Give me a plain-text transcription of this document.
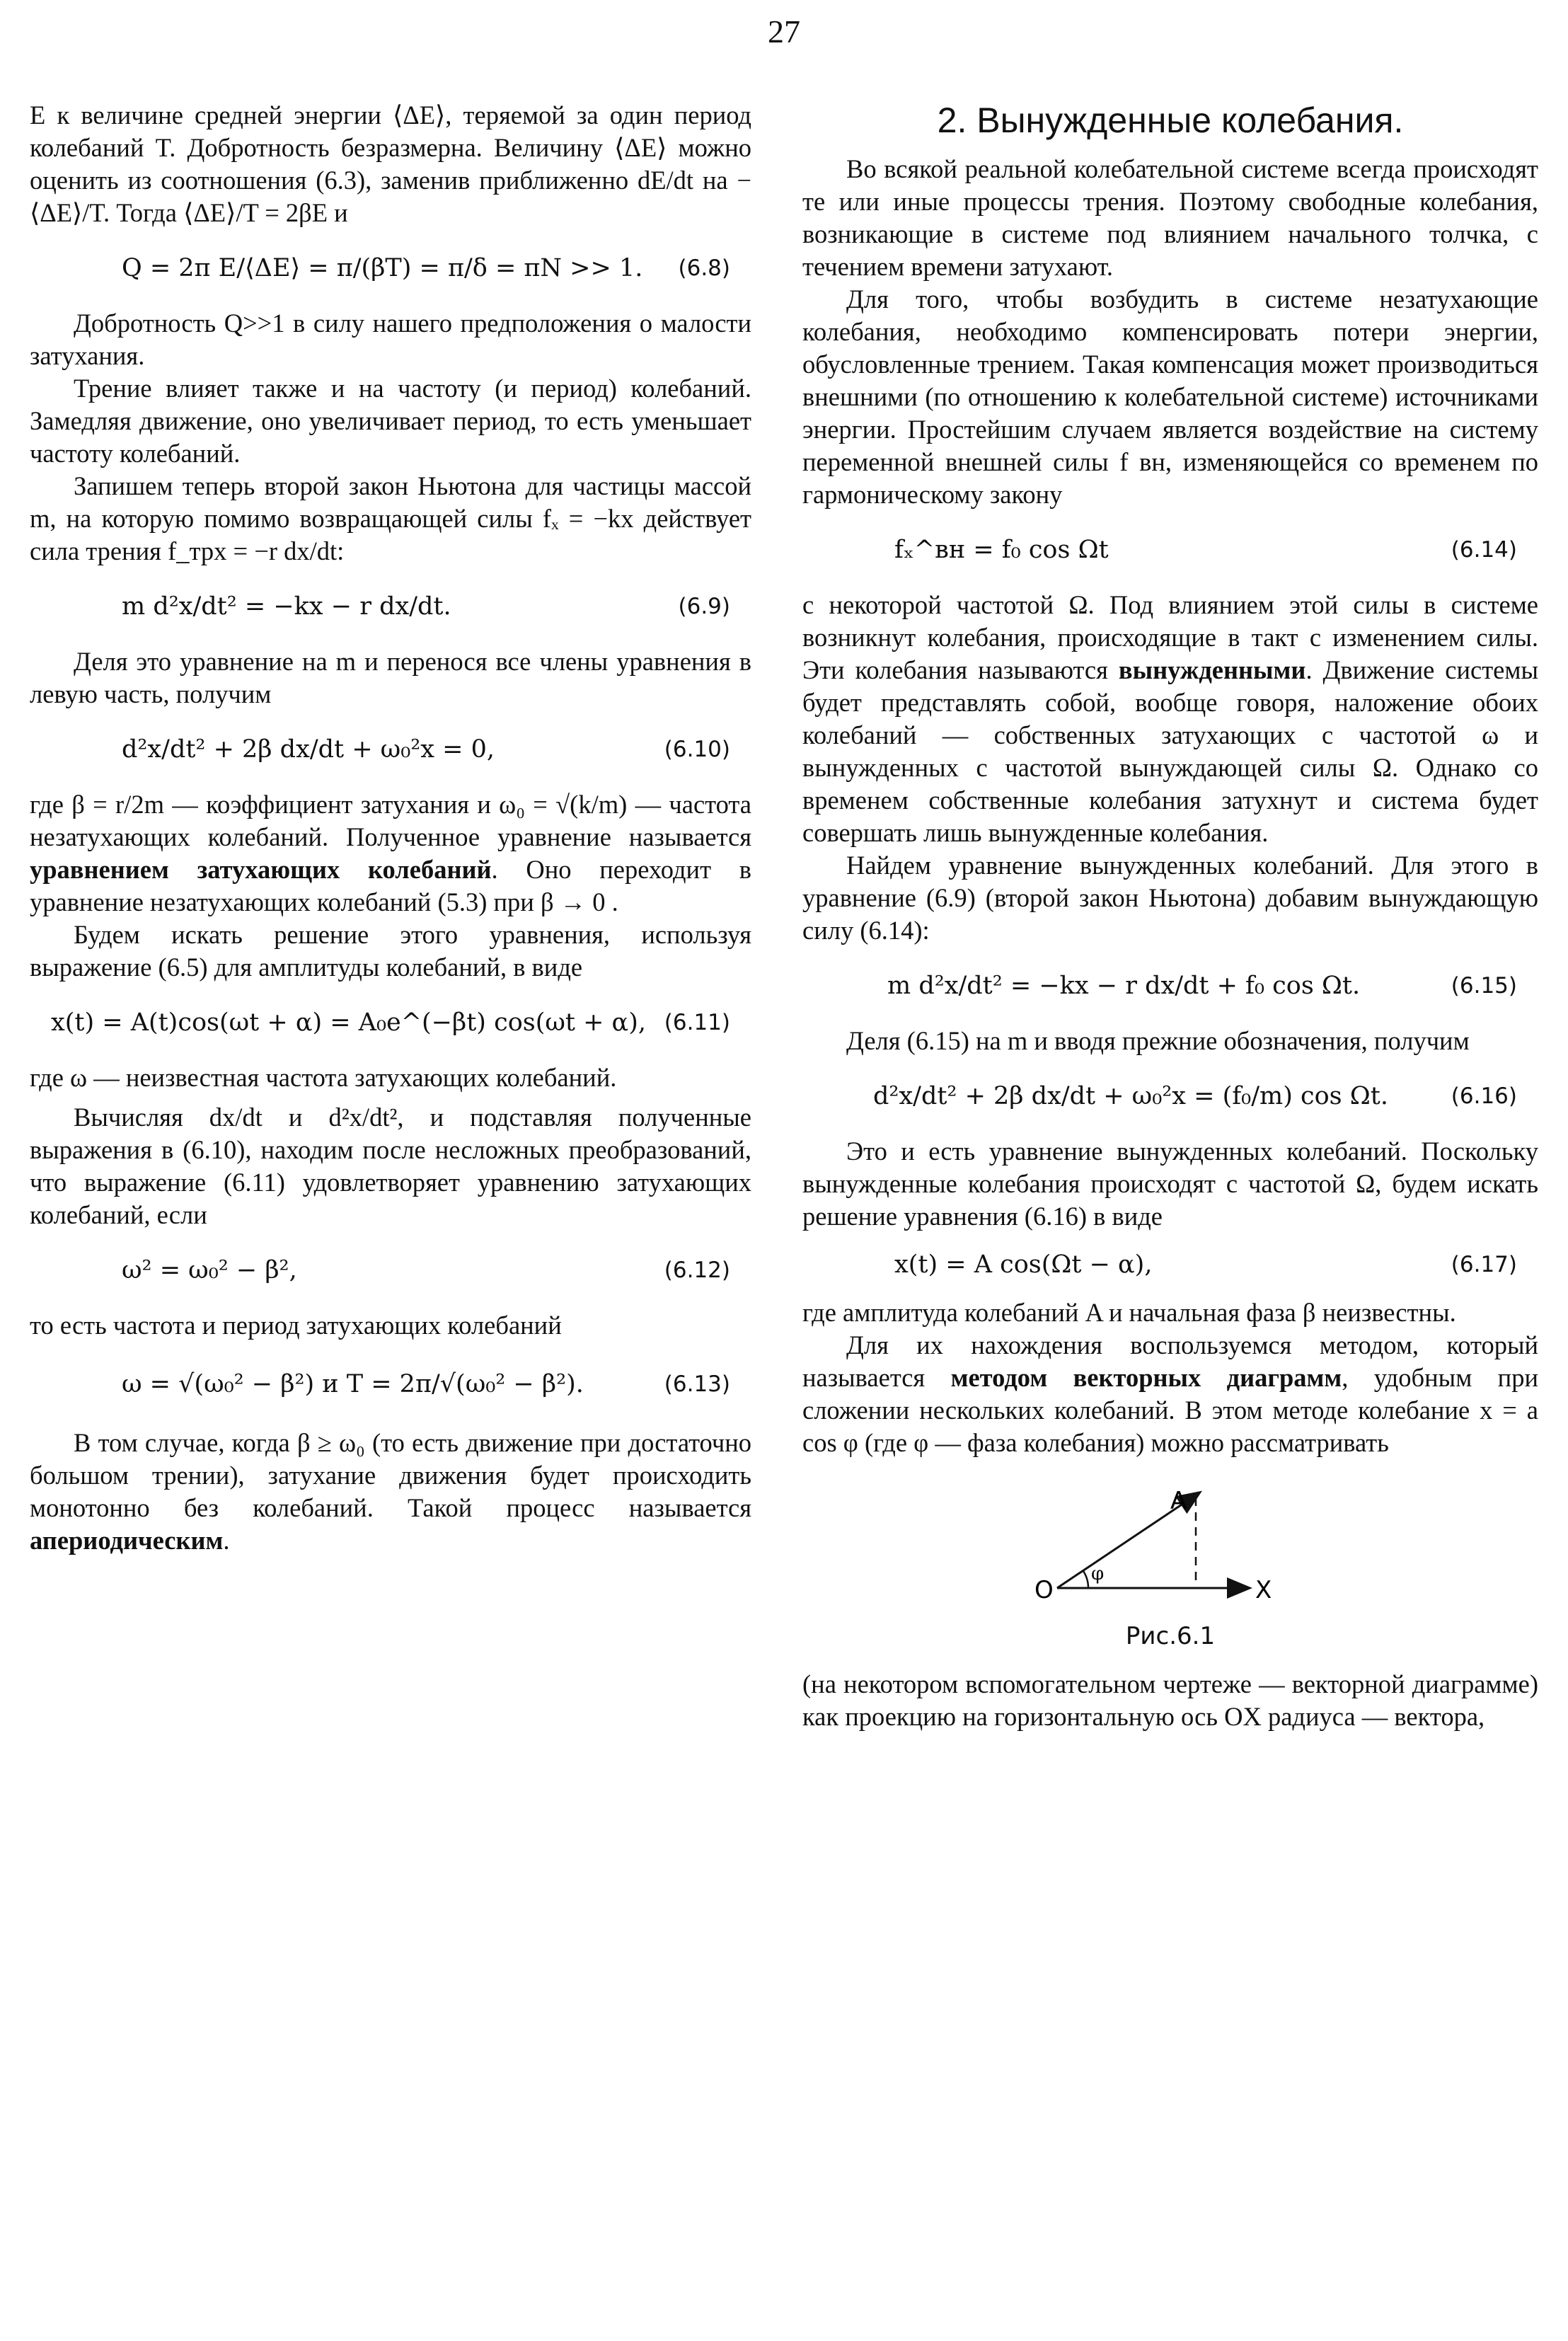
27

E к величине средней энергии ⟨ΔE⟩, теряемой за один период колебаний T. Добротность безразмерна. Величину ⟨ΔE⟩ можно оценить из соотношения (6.3), заменив приближенно dE/dt на −⟨ΔE⟩/T. Тогда ⟨ΔE⟩/T = 2βE и

Q = 2π E/⟨ΔE⟩ = π/(βT) = π/δ = πN >> 1. (6.8)

Добротность Q>>1 в силу нашего предположения о малости затухания.

Трение влияет также и на частоту (и период) колебаний. Замедляя движение, оно увеличивает период, то есть уменьшает частоту колебаний.

Запишем теперь второй закон Ньютона для частицы массой m, на которую помимо возвращающей силы fₓ = −kx действует сила трения f_трх = −r dx/dt:

m d²x/dt² = −kx − r dx/dt.	(6.9)

Деля это уравнение на m и перенося все члены уравнения в левую часть, получим

d²x/dt² + 2β dx/dt + ω₀²x = 0,	(6.10)

где β = r/2m — коэффициент затухания и ω₀ = √(k/m) — частота незатухающих колебаний. Полученное уравнение называется уравнением затухающих колебаний. Оно переходит в уравнение незатухающих колебаний (5.3) при β → 0 .

Будем искать решение этого уравнения, используя выражение (6.5) для амплитуды колебаний, в виде

x(t) = A(t)cos(ωt + α) = A₀e^(−βt) cos(ωt + α), (6.11)

где ω — неизвестная частота затухающих колебаний.

Вычисляя dx/dt и d²x/dt², и подставляя полученные выражения в (6.10), находим после несложных преобразований, что выражение (6.11) удовлетворяет уравнению затухающих колебаний, если

ω² = ω₀² − β²,	(6.12)

то есть частота и период затухающих колебаний

ω = √(ω₀² − β²) и T = 2π/√(ω₀² − β²).	(6.13)

В том случае, когда β ≥ ω₀ (то есть движение при достаточно большом трении), затухание движения будет происходить монотонно без колебаний. Такой процесс называется апериодическим.

2. Вынужденные колебания.

Во всякой реальной колебательной системе всегда происходят те или иные процессы трения. Поэтому свободные колебания, возникающие в системе под влиянием начального толчка, с течением времени затухают.

Для того, чтобы возбудить в системе незатухающие колебания, необходимо компенсировать потери энергии, обусловленные трением. Такая компенсация может производиться внешними (по отношению к колебательной системе) источниками энергии. Простейшим случаем является воздействие на систему переменной внешней силы f вн, изменяющейся со временем по гармоническому закону

fₓ^вн = f₀ cos Ωt	(6.14)

с некоторой частотой Ω. Под влиянием этой силы в системе возникнут колебания, происходящие в такт с изменением силы. Эти колебания называются вынужденными. Движение системы будет представлять собой, вообще говоря, наложение обоих колебаний — собственных затухающих с частотой ω и вынужденных с частотой вынуждающей силы Ω. Однако со временем собственные колебания затухнут и система будет совершать лишь вынужденные колебания.

Найдем уравнение вынужденных колебаний. Для этого в уравнение (6.9) (второй закон Ньютона) добавим вынуждающую силу (6.14):

m d²x/dt² = −kx − r dx/dt + f₀ cos Ωt.	(6.15)

Деля (6.15) на m и вводя прежние обозначения, получим

d²x/dt² + 2β dx/dt + ω₀²x = (f₀/m) cos Ωt.	(6.16)

Это и есть уравнение вынужденных колебаний. Поскольку вынужденные колебания происходят с частотой Ω, будем искать решение уравнения (6.16) в виде

x(t) = A cos(Ωt − α),	(6.17)

где амплитуда колебаний A и начальная фаза β неизвестны.

Для их нахождения воспользуемся методом, который называется методом векторных диаграмм, удобным при сложении нескольких колебаний. В этом методе колебание x = a cos φ (где φ — фаза колебания) можно рассматривать

O	X
A
φ
Рис.6.1

(на некотором вспомогательном чертеже — векторной диаграмме) как проекцию на горизонтальную ось OX радиуса — вектора,
